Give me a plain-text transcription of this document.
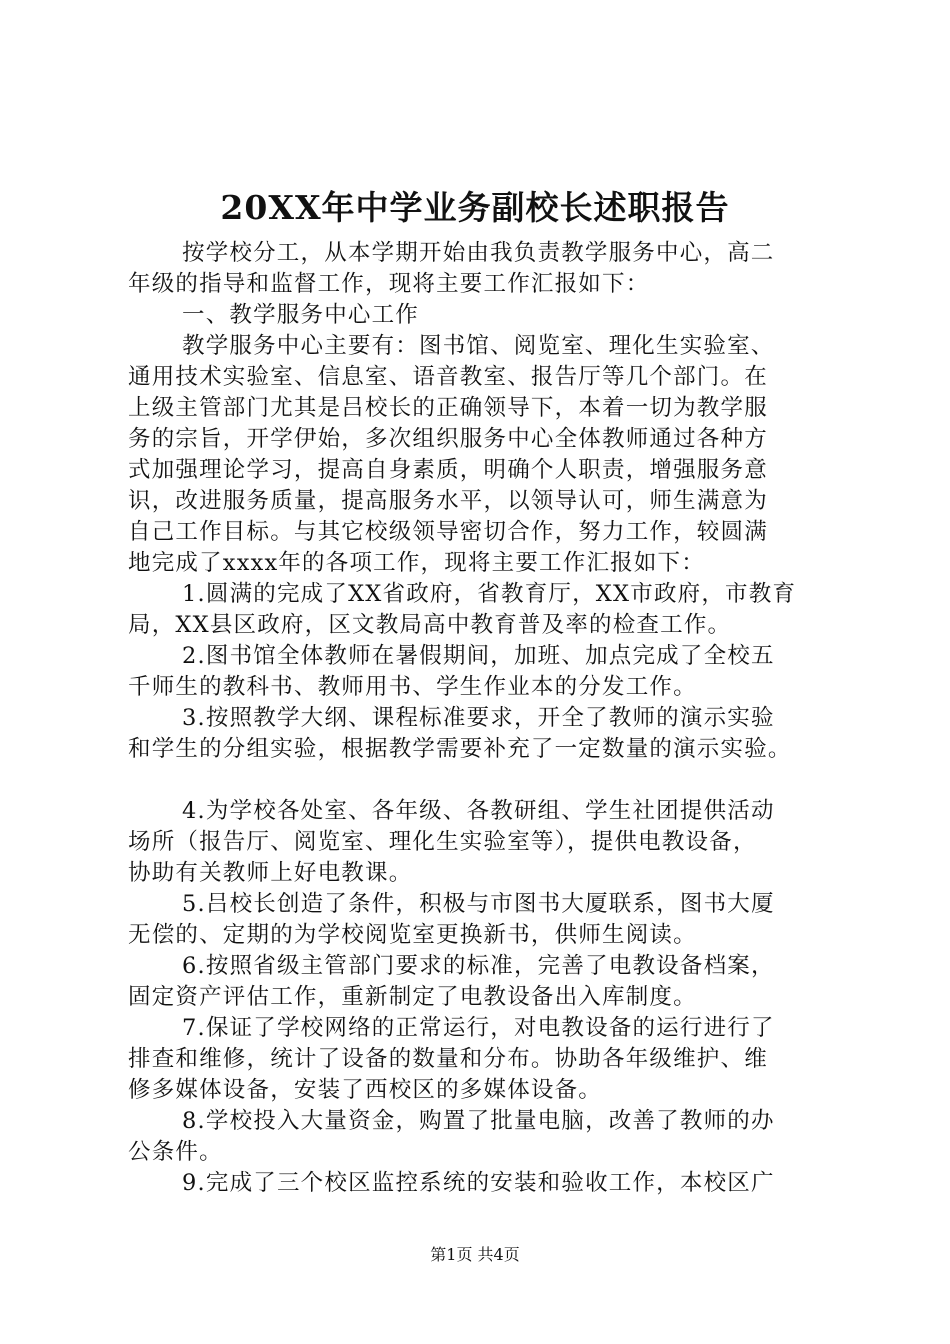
20XX年中学业务副校长述职报告
按学校分工，从本学期开始由我负责教学服务中心，高二
年级的指导和监督工作，现将主要工作汇报如下：
一、教学服务中心工作
教学服务中心主要有：图书馆、阅览室、理化生实验室、
通用技术实验室、信息室、语音教室、报告厅等几个部门。在
上级主管部门尤其是吕校长的正确领导下，本着一切为教学服
务的宗旨，开学伊始，多次组织服务中心全体教师通过各种方
式加强理论学习，提高自身素质，明确个人职责，增强服务意
识，改进服务质量，提高服务水平，以领导认可，师生满意为
自己工作目标。与其它校级领导密切合作，努力工作，较圆满
地完成了xxxx年的各项工作，现将主要工作汇报如下：
1.圆满的完成了XX省政府，省教育厅，XX市政府，市教育
局，XX县区政府，区文教局高中教育普及率的检查工作。
2.图书馆全体教师在暑假期间，加班、加点完成了全校五
千师生的教科书、教师用书、学生作业本的分发工作。
3.按照教学大纲、课程标准要求，开全了教师的演示实验
和学生的分组实验，根据教学需要补充了一定数量的演示实验。
4.为学校各处室、各年级、各教研组、学生社团提供活动
场所（报告厅、阅览室、理化生实验室等），提供电教设备，
协助有关教师上好电教课。
5.吕校长创造了条件，积极与市图书大厦联系，图书大厦
无偿的、定期的为学校阅览室更换新书，供师生阅读。
6.按照省级主管部门要求的标准，完善了电教设备档案，
固定资产评估工作，重新制定了电教设备出入库制度。
7.保证了学校网络的正常运行，对电教设备的运行进行了
排查和维修，统计了设备的数量和分布。协助各年级维护、维
修多媒体设备，安装了西校区的多媒体设备。
8.学校投入大量资金，购置了批量电脑，改善了教师的办
公条件。
9.完成了三个校区监控系统的安装和验收工作，本校区广
第1页 共4页
